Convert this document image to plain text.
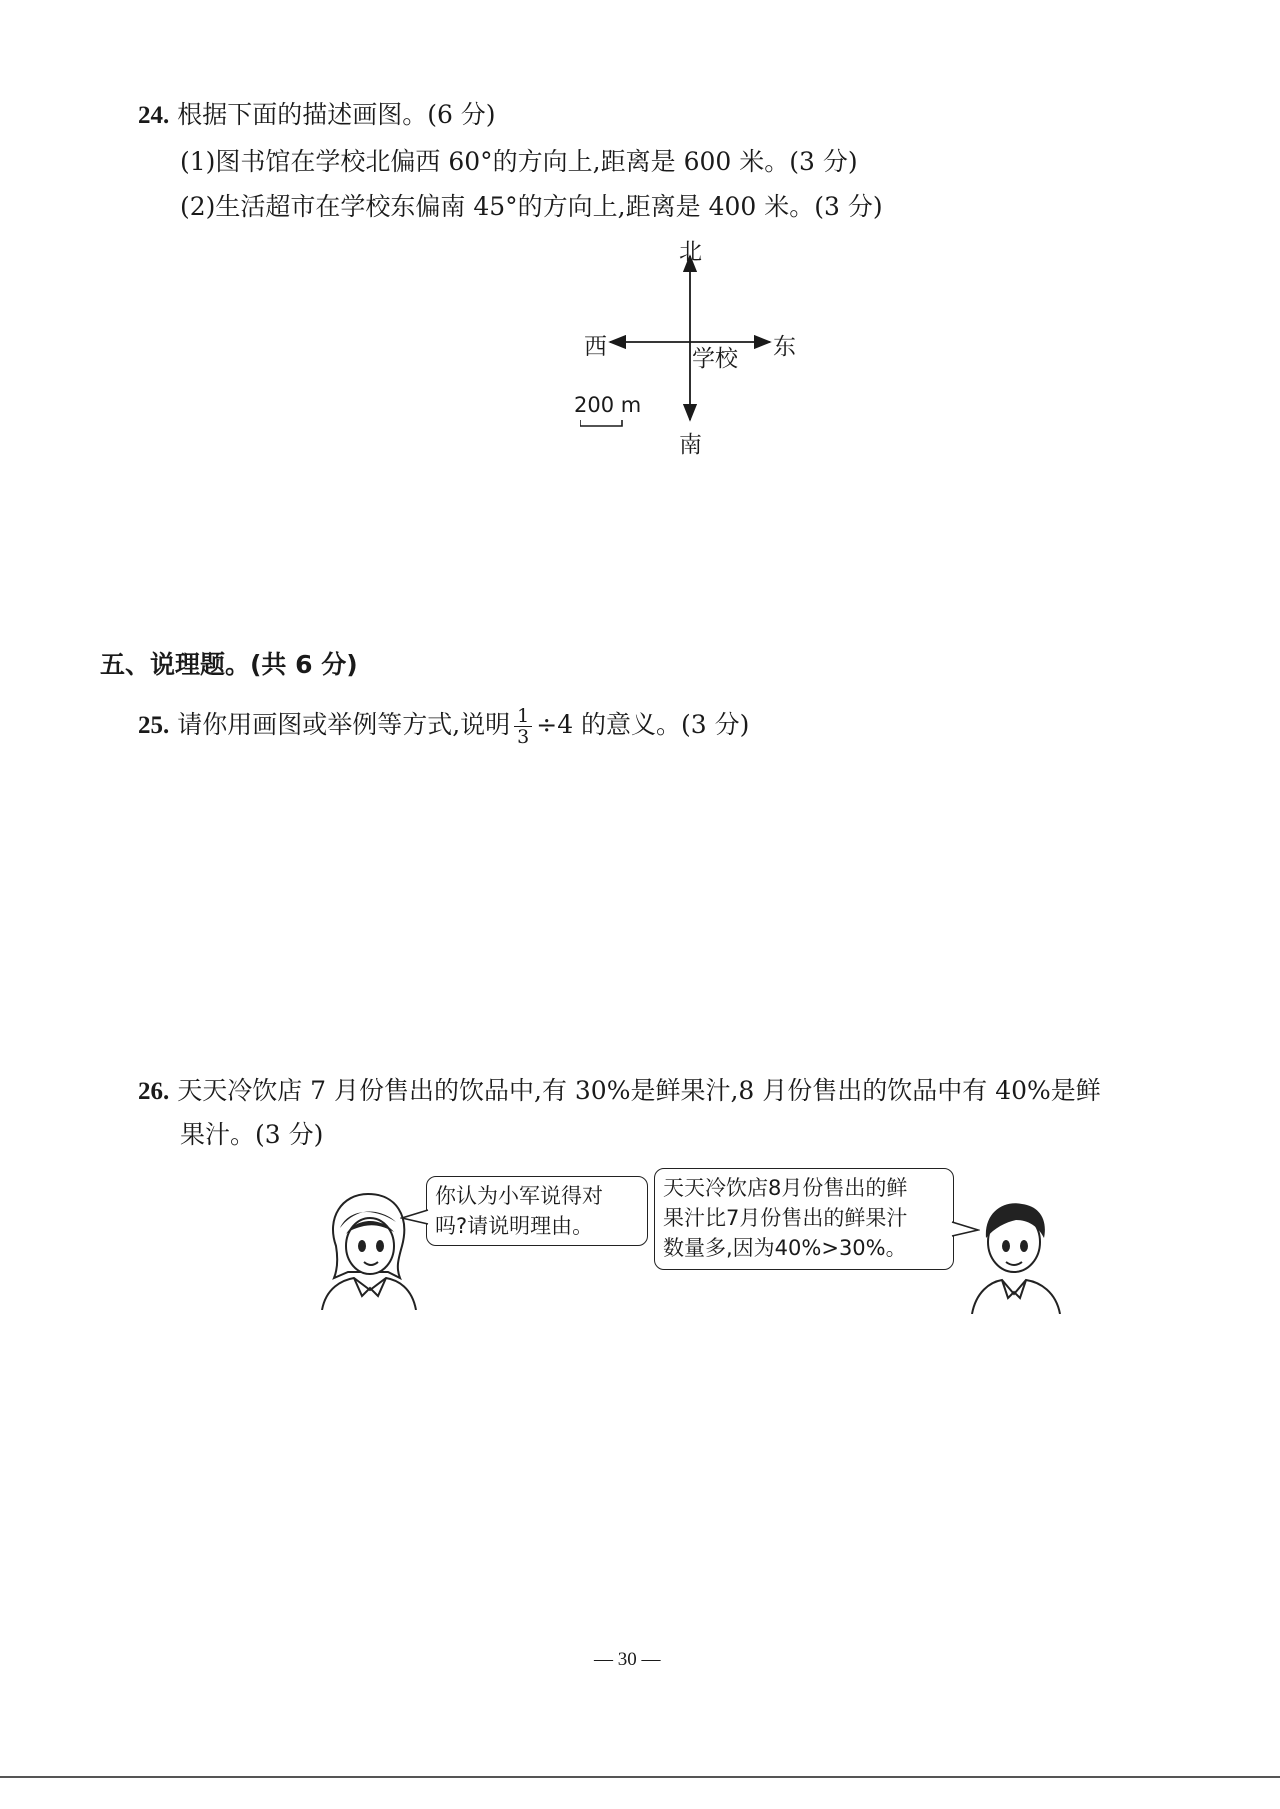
24. 根据下面的描述画图。(6 分)
(1)图书馆在学校北偏西 60°的方向上,距离是 600 米。(3 分)
(2)生活超市在学校东偏南 45°的方向上,距离是 400 米。(3 分)
北
西	东
学校
南
200 m
五、说理题。(共 6 分)
25. 请你用画图或举例等方式,说明 $\frac{1}{3} \div 4$ 的意义。(3 分)
26. 天天冷饮店 7 月份售出的饮品中,有 30%是鲜果汁,8 月份售出的饮品中有 40%是鲜
果汁。(3 分)
你认为小军说得对
吗?请说明理由。
天天冷饮店8月份售出的鲜
果汁比7月份售出的鲜果汁
数量多,因为40%>30%。
— 30 —
